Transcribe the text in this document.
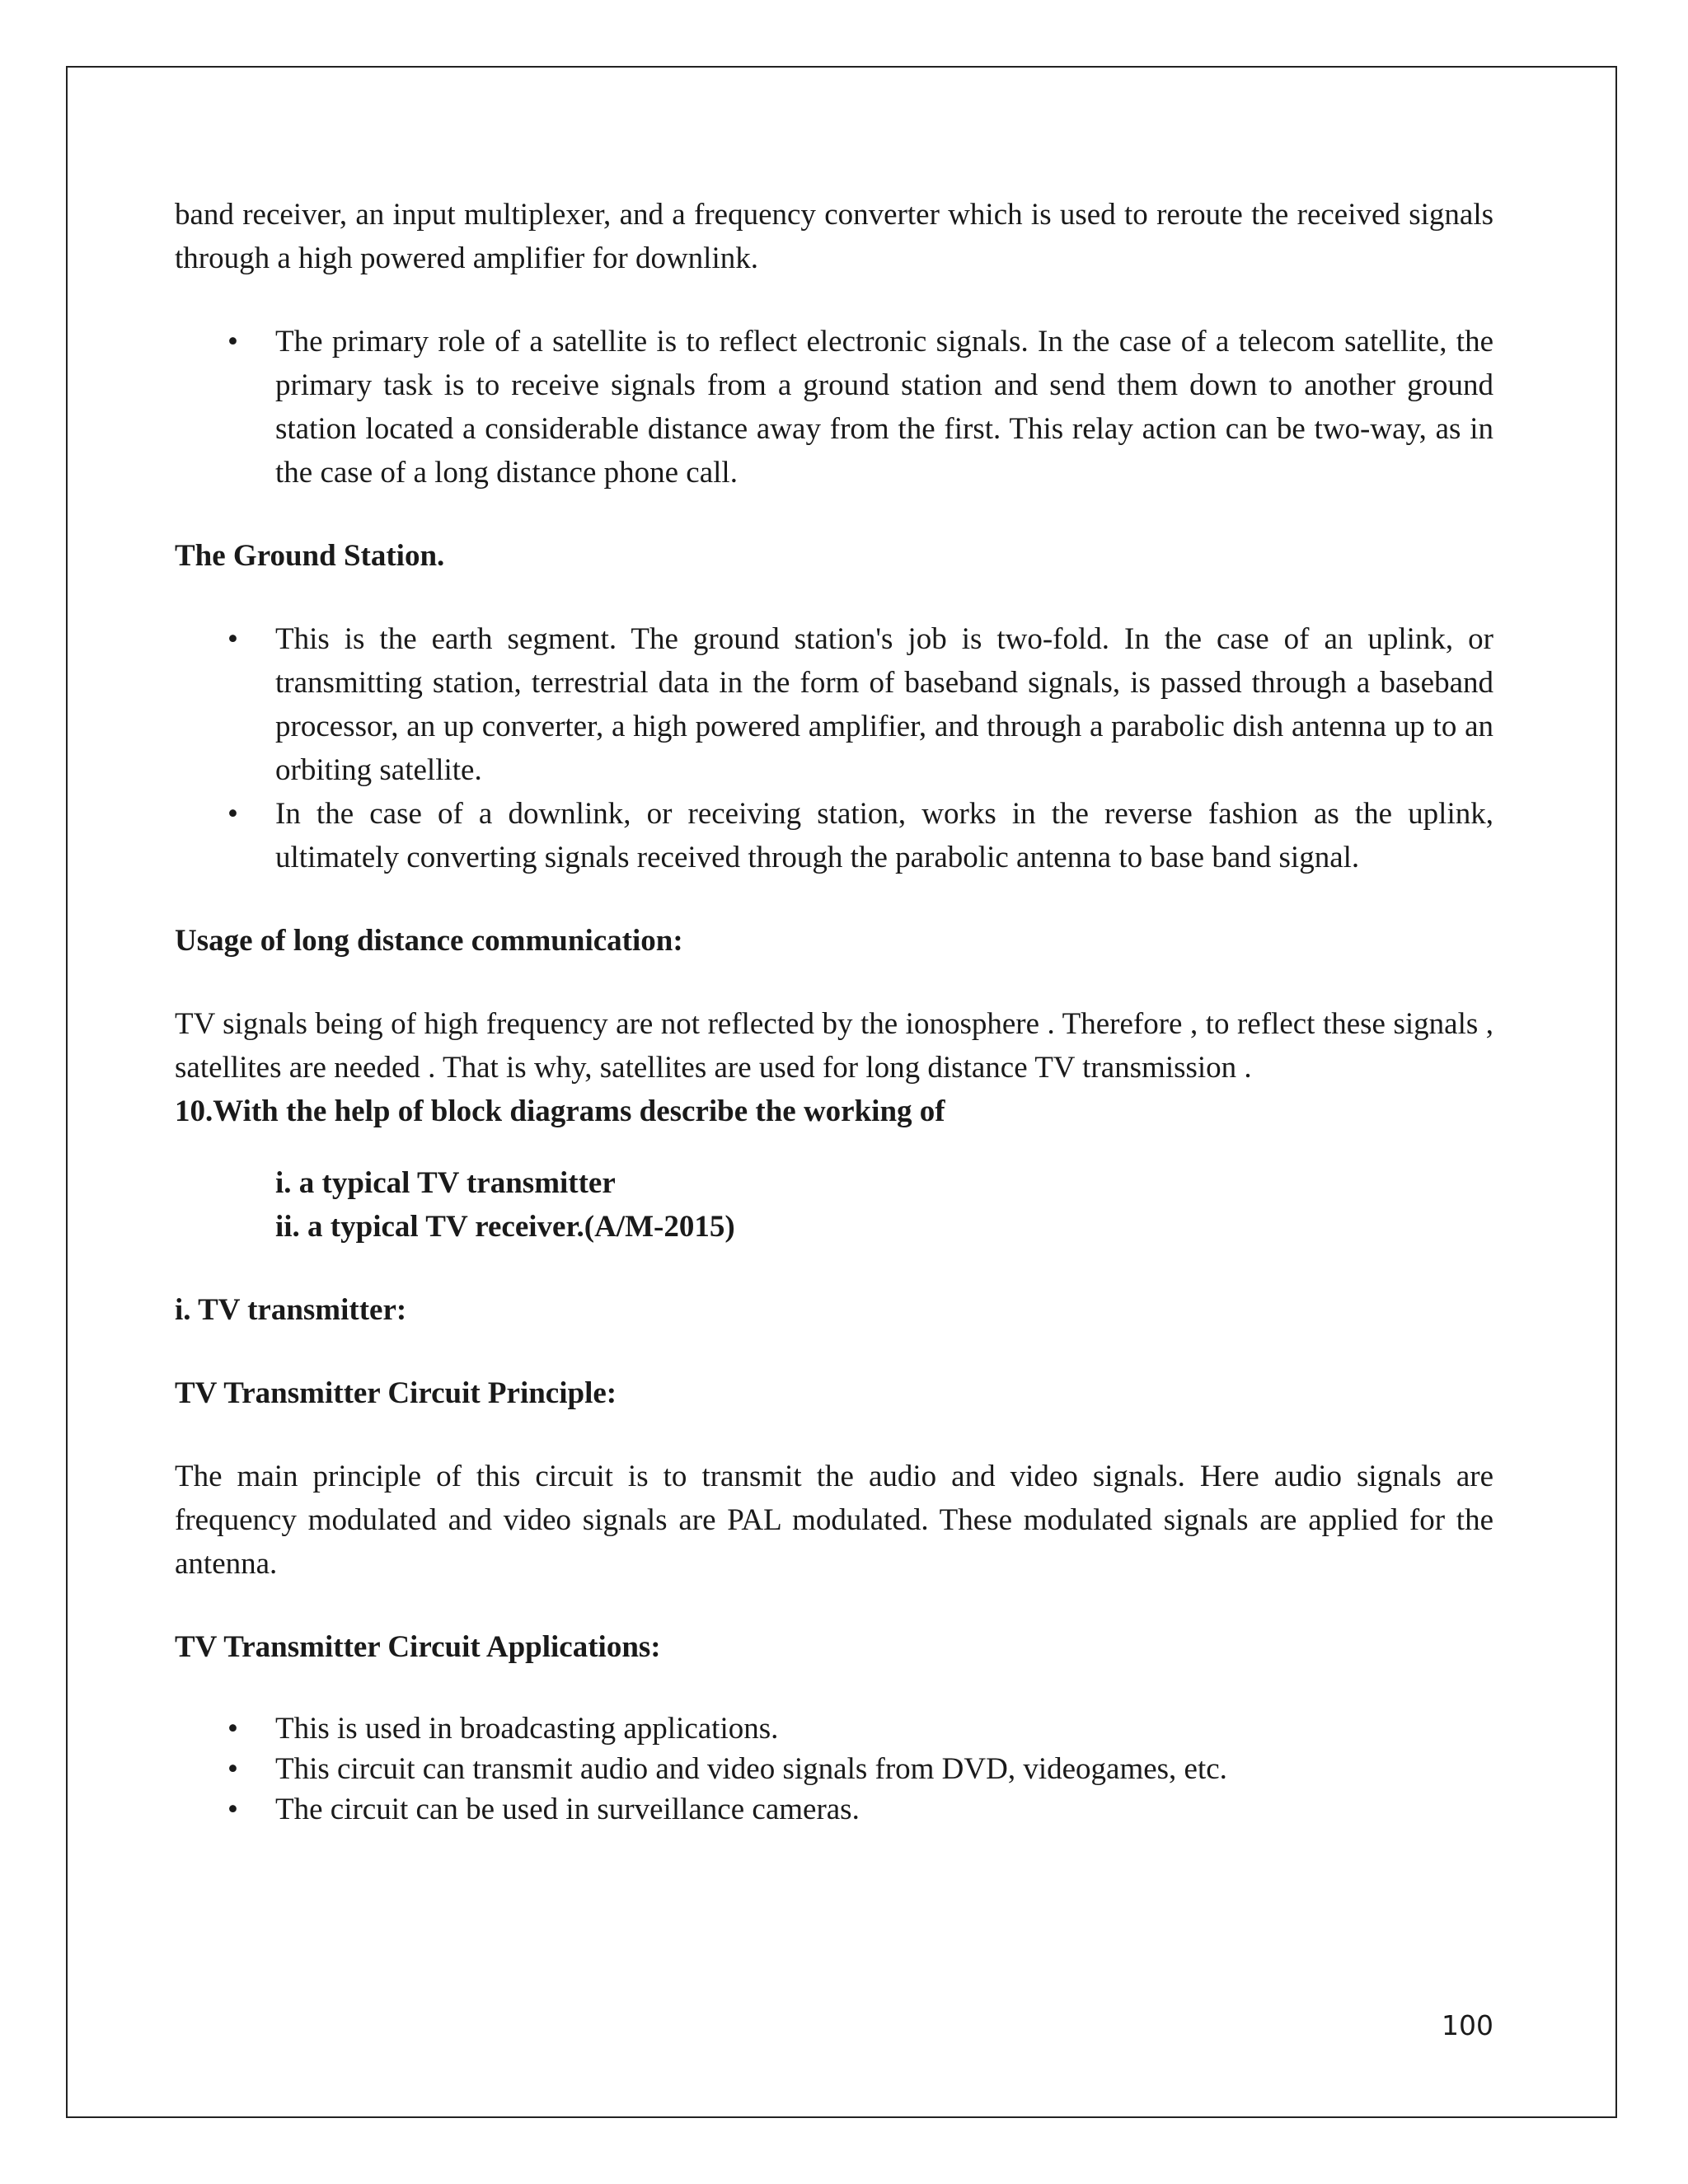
band receiver, an input multiplexer, and a frequency converter which is used to reroute the received signals through a high powered amplifier for downlink.

• The primary role of a satellite is to reflect electronic signals. In the case of a telecom satellite, the primary task is to receive signals from a ground station and send them down to another ground station located a considerable distance away from the first. This relay action can be two-way, as in the case of a long distance phone call.

The Ground Station.

• This is the earth segment. The ground station's job is two-fold. In the case of an uplink, or transmitting station, terrestrial data in the form of baseband signals, is passed through a baseband processor, an up converter, a high powered amplifier, and through a parabolic dish antenna up to an orbiting satellite.
• In the case of a downlink, or receiving station, works in the reverse fashion as the uplink, ultimately converting signals received through the parabolic antenna to base band signal.

Usage of long distance communication:

TV signals being of high frequency are not reflected by the ionosphere . Therefore , to reflect these signals , satellites are needed . That is why, satellites are used for long distance TV transmission .

10.With the help of block diagrams describe the working of

i. a typical TV transmitter
ii. a typical TV receiver.(A/M-2015)

i. TV transmitter:

TV Transmitter Circuit Principle:

The main principle of this circuit is to transmit the audio and video signals. Here audio signals are frequency modulated and video signals are PAL modulated. These modulated signals are applied for the antenna.

TV Transmitter Circuit Applications:

• This is used in broadcasting applications.
• This circuit can transmit audio and video signals from DVD, videogames, etc.
• The circuit can be used in surveillance cameras.
100
